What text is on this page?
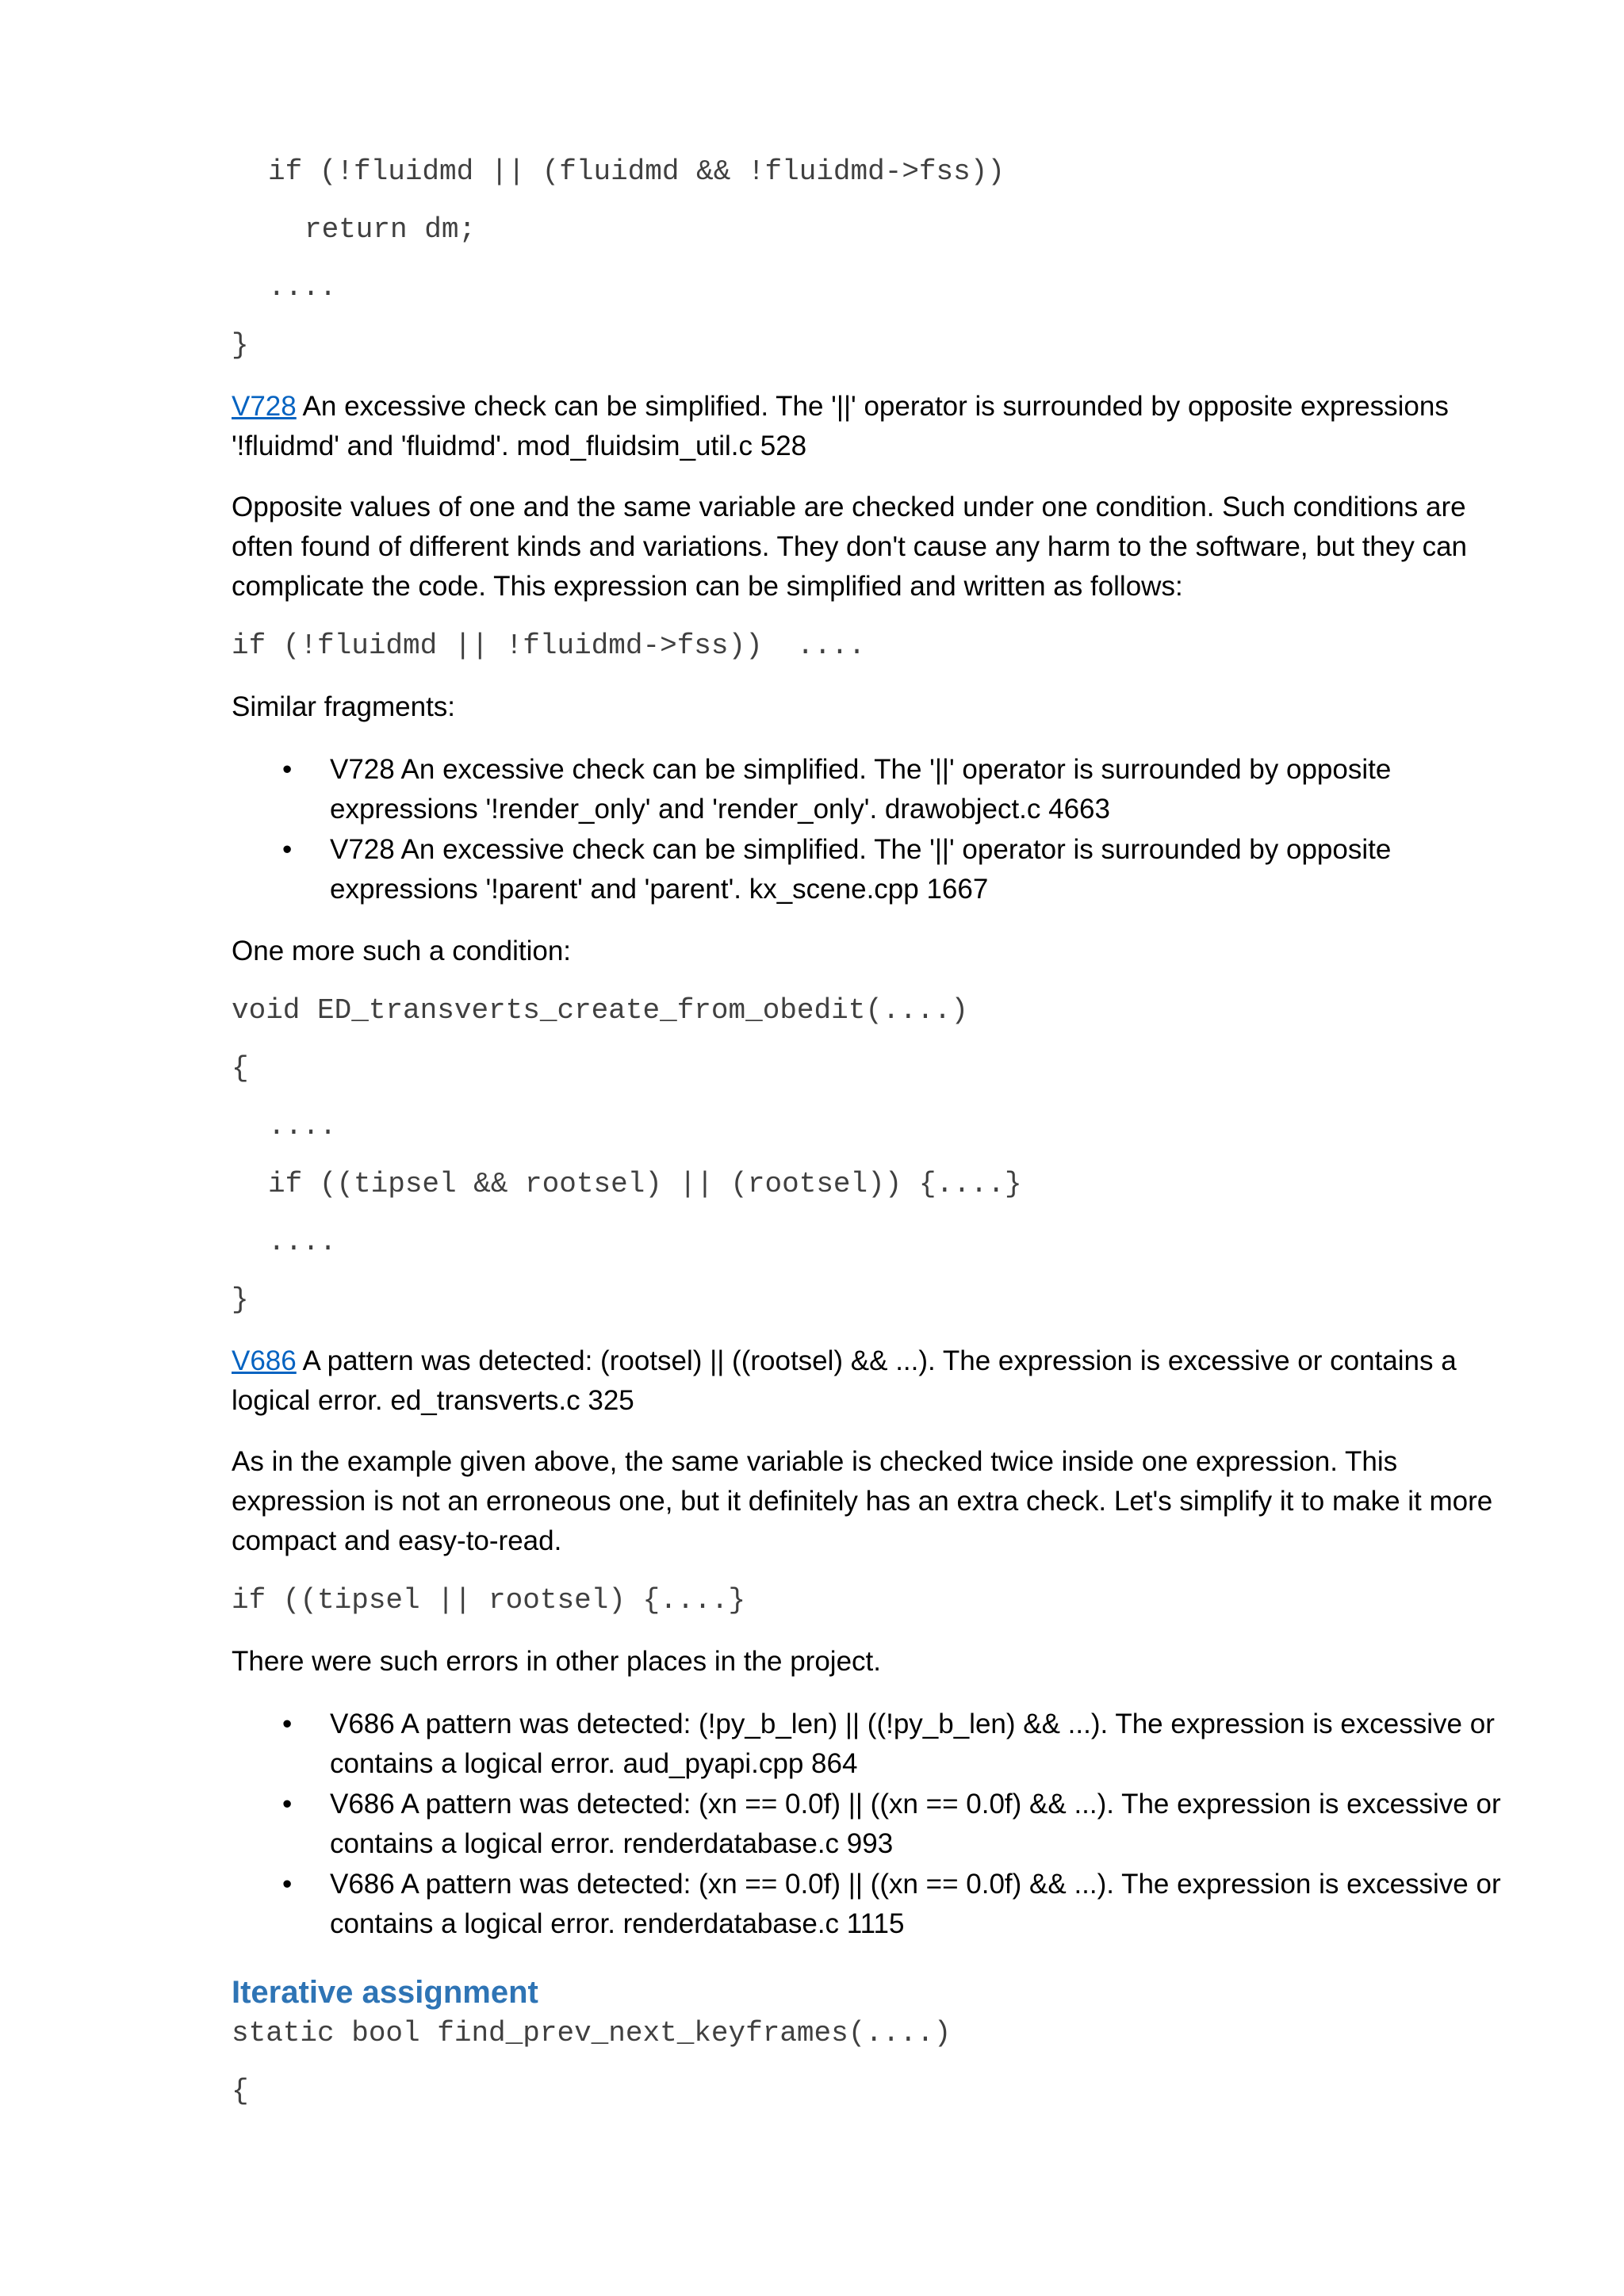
if (!fluidmd || (fluidmd && !fluidmd->fss))
return dm;
....
}

V728 An excessive check can be simplified. The '||' operator is surrounded by opposite expressions '!fluidmd' and 'fluidmd'. mod_fluidsim_util.c 528

Opposite values of one and the same variable are checked under one condition. Such conditions are often found of different kinds and variations. They don't cause any harm to the software, but they can complicate the code. This expression can be simplified and written as follows:

if (!fluidmd || !fluidmd->fss))  ....

Similar fragments:

• V728 An excessive check can be simplified. The '||' operator is surrounded by opposite expressions '!render_only' and 'render_only'. drawobject.c 4663
• V728 An excessive check can be simplified. The '||' operator is surrounded by opposite expressions '!parent' and 'parent'. kx_scene.cpp 1667

One more such a condition:

void ED_transverts_create_from_obedit(....)
{
....
if ((tipsel && rootsel) || (rootsel)) {....}
....
}

V686 A pattern was detected: (rootsel) || ((rootsel) && ...). The expression is excessive or contains a logical error. ed_transverts.c 325

As in the example given above, the same variable is checked twice inside one expression. This expression is not an erroneous one, but it definitely has an extra check. Let's simplify it to make it more compact and easy-to-read.

if ((tipsel || rootsel) {....}

There were such errors in other places in the project.

• V686 A pattern was detected: (!py_b_len) || ((!py_b_len) && ...). The expression is excessive or contains a logical error. aud_pyapi.cpp 864
• V686 A pattern was detected: (xn == 0.0f) || ((xn == 0.0f) && ...). The expression is excessive or contains a logical error. renderdatabase.c 993
• V686 A pattern was detected: (xn == 0.0f) || ((xn == 0.0f) && ...). The expression is excessive or contains a logical error. renderdatabase.c 1115
Iterative assignment
static bool find_prev_next_keyframes(....)
{
